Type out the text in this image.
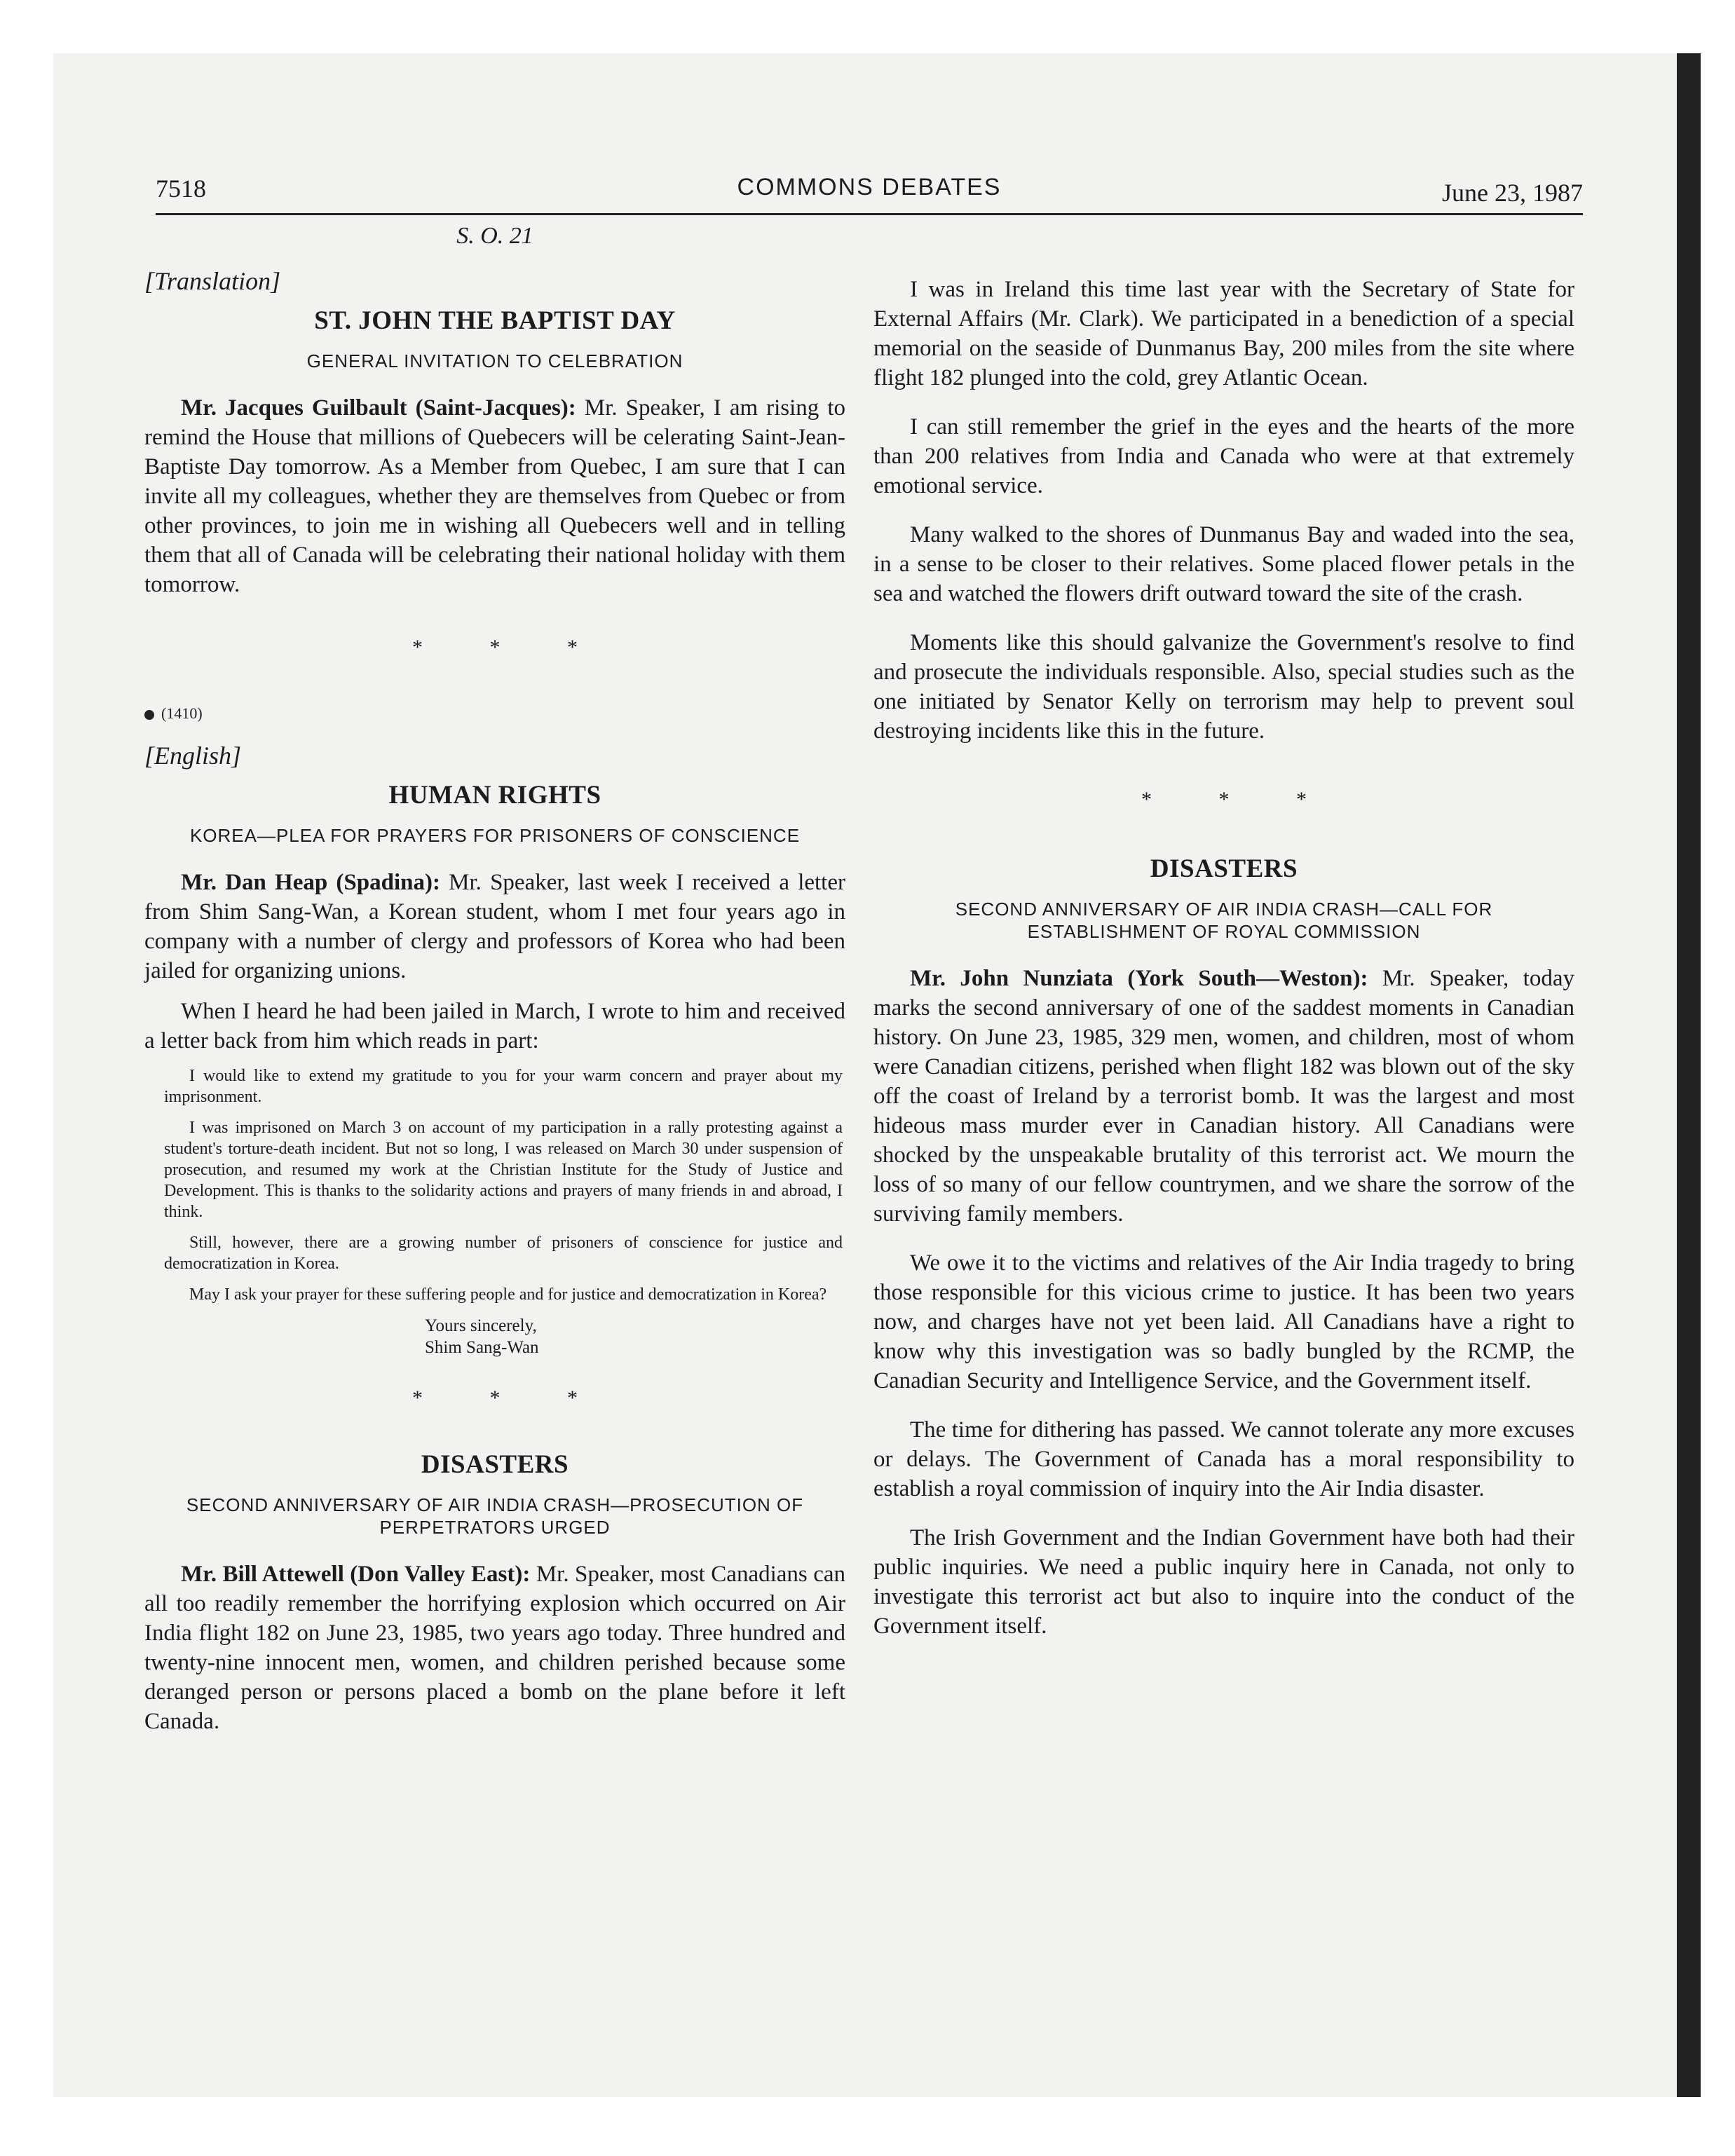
7518	COMMONS DEBATES	June 23, 1987
S. O. 21
[Translation]
ST. JOHN THE BAPTIST DAY
GENERAL INVITATION TO CELEBRATION

Mr. Jacques Guilbault (Saint-Jacques): Mr. Speaker, I am rising to remind the House that millions of Quebecers will be celerating Saint-Jean-Baptiste Day tomorrow. As a Member from Quebec, I am sure that I can invite all my colleagues, whether they are themselves from Quebec or from other provinces, to join me in wishing all Quebecers well and in telling them that all of Canada will be celebrating their national holiday with them tomorrow.

* * *
(1410)
[English]
HUMAN RIGHTS
KOREA—PLEA FOR PRAYERS FOR PRISONERS OF CONSCIENCE

Mr. Dan Heap (Spadina): Mr. Speaker, last week I received a letter from Shim Sang-Wan, a Korean student, whom I met four years ago in company with a number of clergy and professors of Korea who had been jailed for organizing unions.

When I heard he had been jailed in March, I wrote to him and received a letter back from him which reads in part:

I would like to extend my gratitude to you for your warm concern and prayer about my imprisonment.

I was imprisoned on March 3 on account of my participation in a rally protesting against a student's torture-death incident. But not so long, I was released on March 30 under suspension of prosecution, and resumed my work at the Christian Institute for the Study of Justice and Development. This is thanks to the solidarity actions and prayers of many friends in and abroad, I think.

Still, however, there are a growing number of prisoners of conscience for justice and democratization in Korea.

May I ask your prayer for these suffering people and for justice and democratization in Korea?

Yours sincerely,
Shim Sang-Wan
* * *
DISASTERS
SECOND ANNIVERSARY OF AIR INDIA CRASH—PROSECUTION OF PERPETRATORS URGED

Mr. Bill Attewell (Don Valley East): Mr. Speaker, most Canadians can all too readily remember the horrifying explosion which occurred on Air India flight 182 on June 23, 1985, two years ago today. Three hundred and twenty-nine innocent men, women, and children perished because some deranged person or persons placed a bomb on the plane before it left Canada.

I was in Ireland this time last year with the Secretary of State for External Affairs (Mr. Clark). We participated in a benediction of a special memorial on the seaside of Dunmanus Bay, 200 miles from the site where flight 182 plunged into the cold, grey Atlantic Ocean.

I can still remember the grief in the eyes and the hearts of the more than 200 relatives from India and Canada who were at that extremely emotional service.

Many walked to the shores of Dunmanus Bay and waded into the sea, in a sense to be closer to their relatives. Some placed flower petals in the sea and watched the flowers drift outward toward the site of the crash.

Moments like this should galvanize the Government's resolve to find and prosecute the individuals responsible. Also, special studies such as the one initiated by Senator Kelly on terrorism may help to prevent soul destroying incidents like this in the future.

* * *
DISASTERS
SECOND ANNIVERSARY OF AIR INDIA CRASH—CALL FOR ESTABLISHMENT OF ROYAL COMMISSION

Mr. John Nunziata (York South—Weston): Mr. Speaker, today marks the second anniversary of one of the saddest moments in Canadian history. On June 23, 1985, 329 men, women, and children, most of whom were Canadian citizens, perished when flight 182 was blown out of the sky off the coast of Ireland by a terrorist bomb. It was the largest and most hideous mass murder ever in Canadian history. All Canadians were shocked by the unspeakable brutality of this terrorist act. We mourn the loss of so many of our fellow countrymen, and we share the sorrow of the surviving family members.

We owe it to the victims and relatives of the Air India tragedy to bring those responsible for this vicious crime to justice. It has been two years now, and charges have not yet been laid. All Canadians have a right to know why this investigation was so badly bungled by the RCMP, the Canadian Security and Intelligence Service, and the Government itself.

The time for dithering has passed. We cannot tolerate any more excuses or delays. The Government of Canada has a moral responsibility to establish a royal commission of inquiry into the Air India disaster.

The Irish Government and the Indian Government have both had their public inquiries. We need a public inquiry here in Canada, not only to investigate this terrorist act but also to inquire into the conduct of the Government itself.
